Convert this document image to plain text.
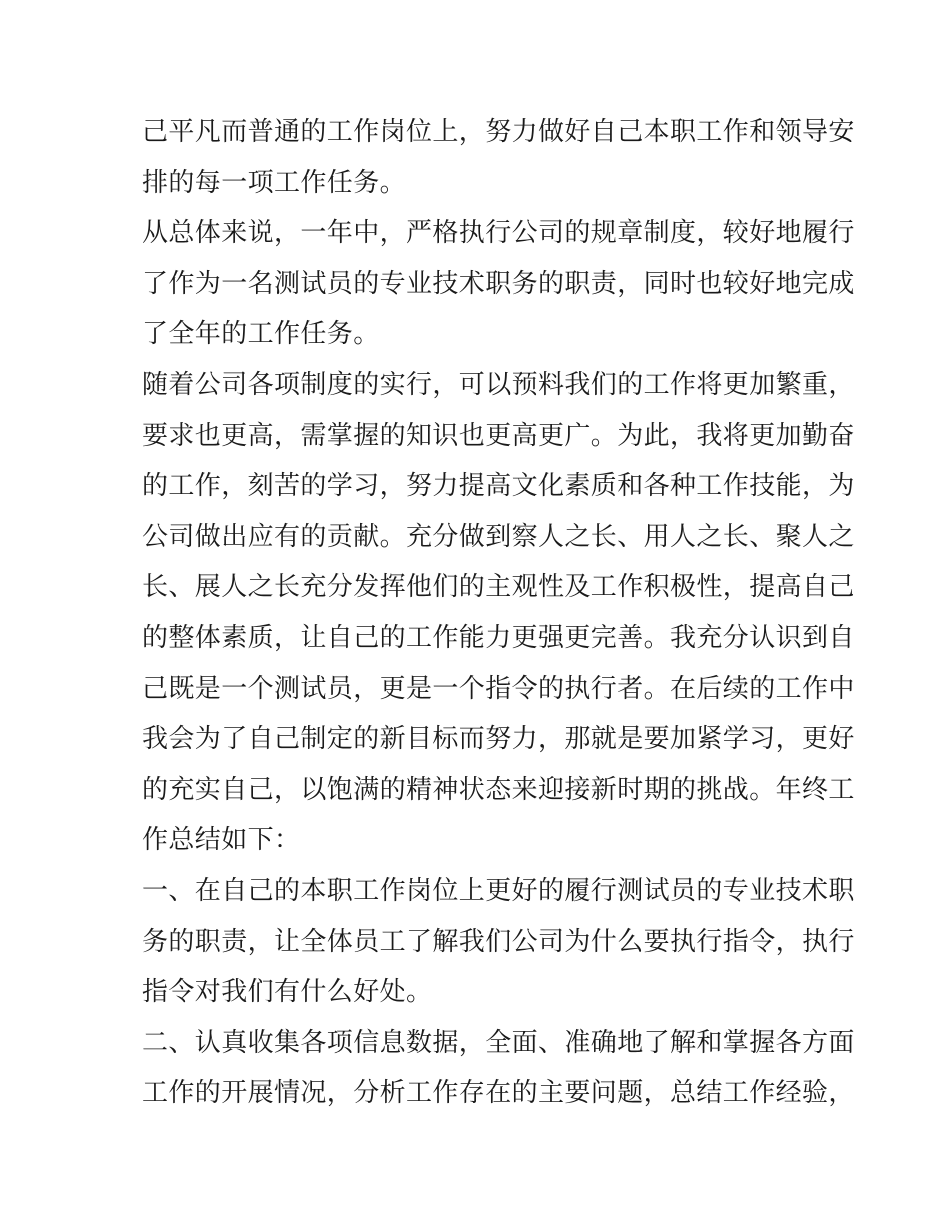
己平凡而普通的工作岗位上，努力做好自己本职工作和领导安
排的每一项工作任务。
从总体来说，一年中，严格执行公司的规章制度，较好地履行
了作为一名测试员的专业技术职务的职责，同时也较好地完成
了全年的工作任务。
随着公司各项制度的实行，可以预料我们的工作将更加繁重，
要求也更高，需掌握的知识也更高更广。为此，我将更加勤奋
的工作，刻苦的学习，努力提高文化素质和各种工作技能，为
公司做出应有的贡献。充分做到察人之长、用人之长、聚人之
长、展人之长充分发挥他们的主观性及工作积极性，提高自己
的整体素质，让自己的工作能力更强更完善。我充分认识到自
己既是一个测试员，更是一个指令的执行者。在后续的工作中
我会为了自己制定的新目标而努力，那就是要加紧学习，更好
的充实自己，以饱满的精神状态来迎接新时期的挑战。年终工
作总结如下：
一、在自己的本职工作岗位上更好的履行测试员的专业技术职
务的职责，让全体员工了解我们公司为什么要执行指令，执行
指令对我们有什么好处。
二、认真收集各项信息数据，全面、准确地了解和掌握各方面
工作的开展情况，分析工作存在的主要问题，总结工作经验，
